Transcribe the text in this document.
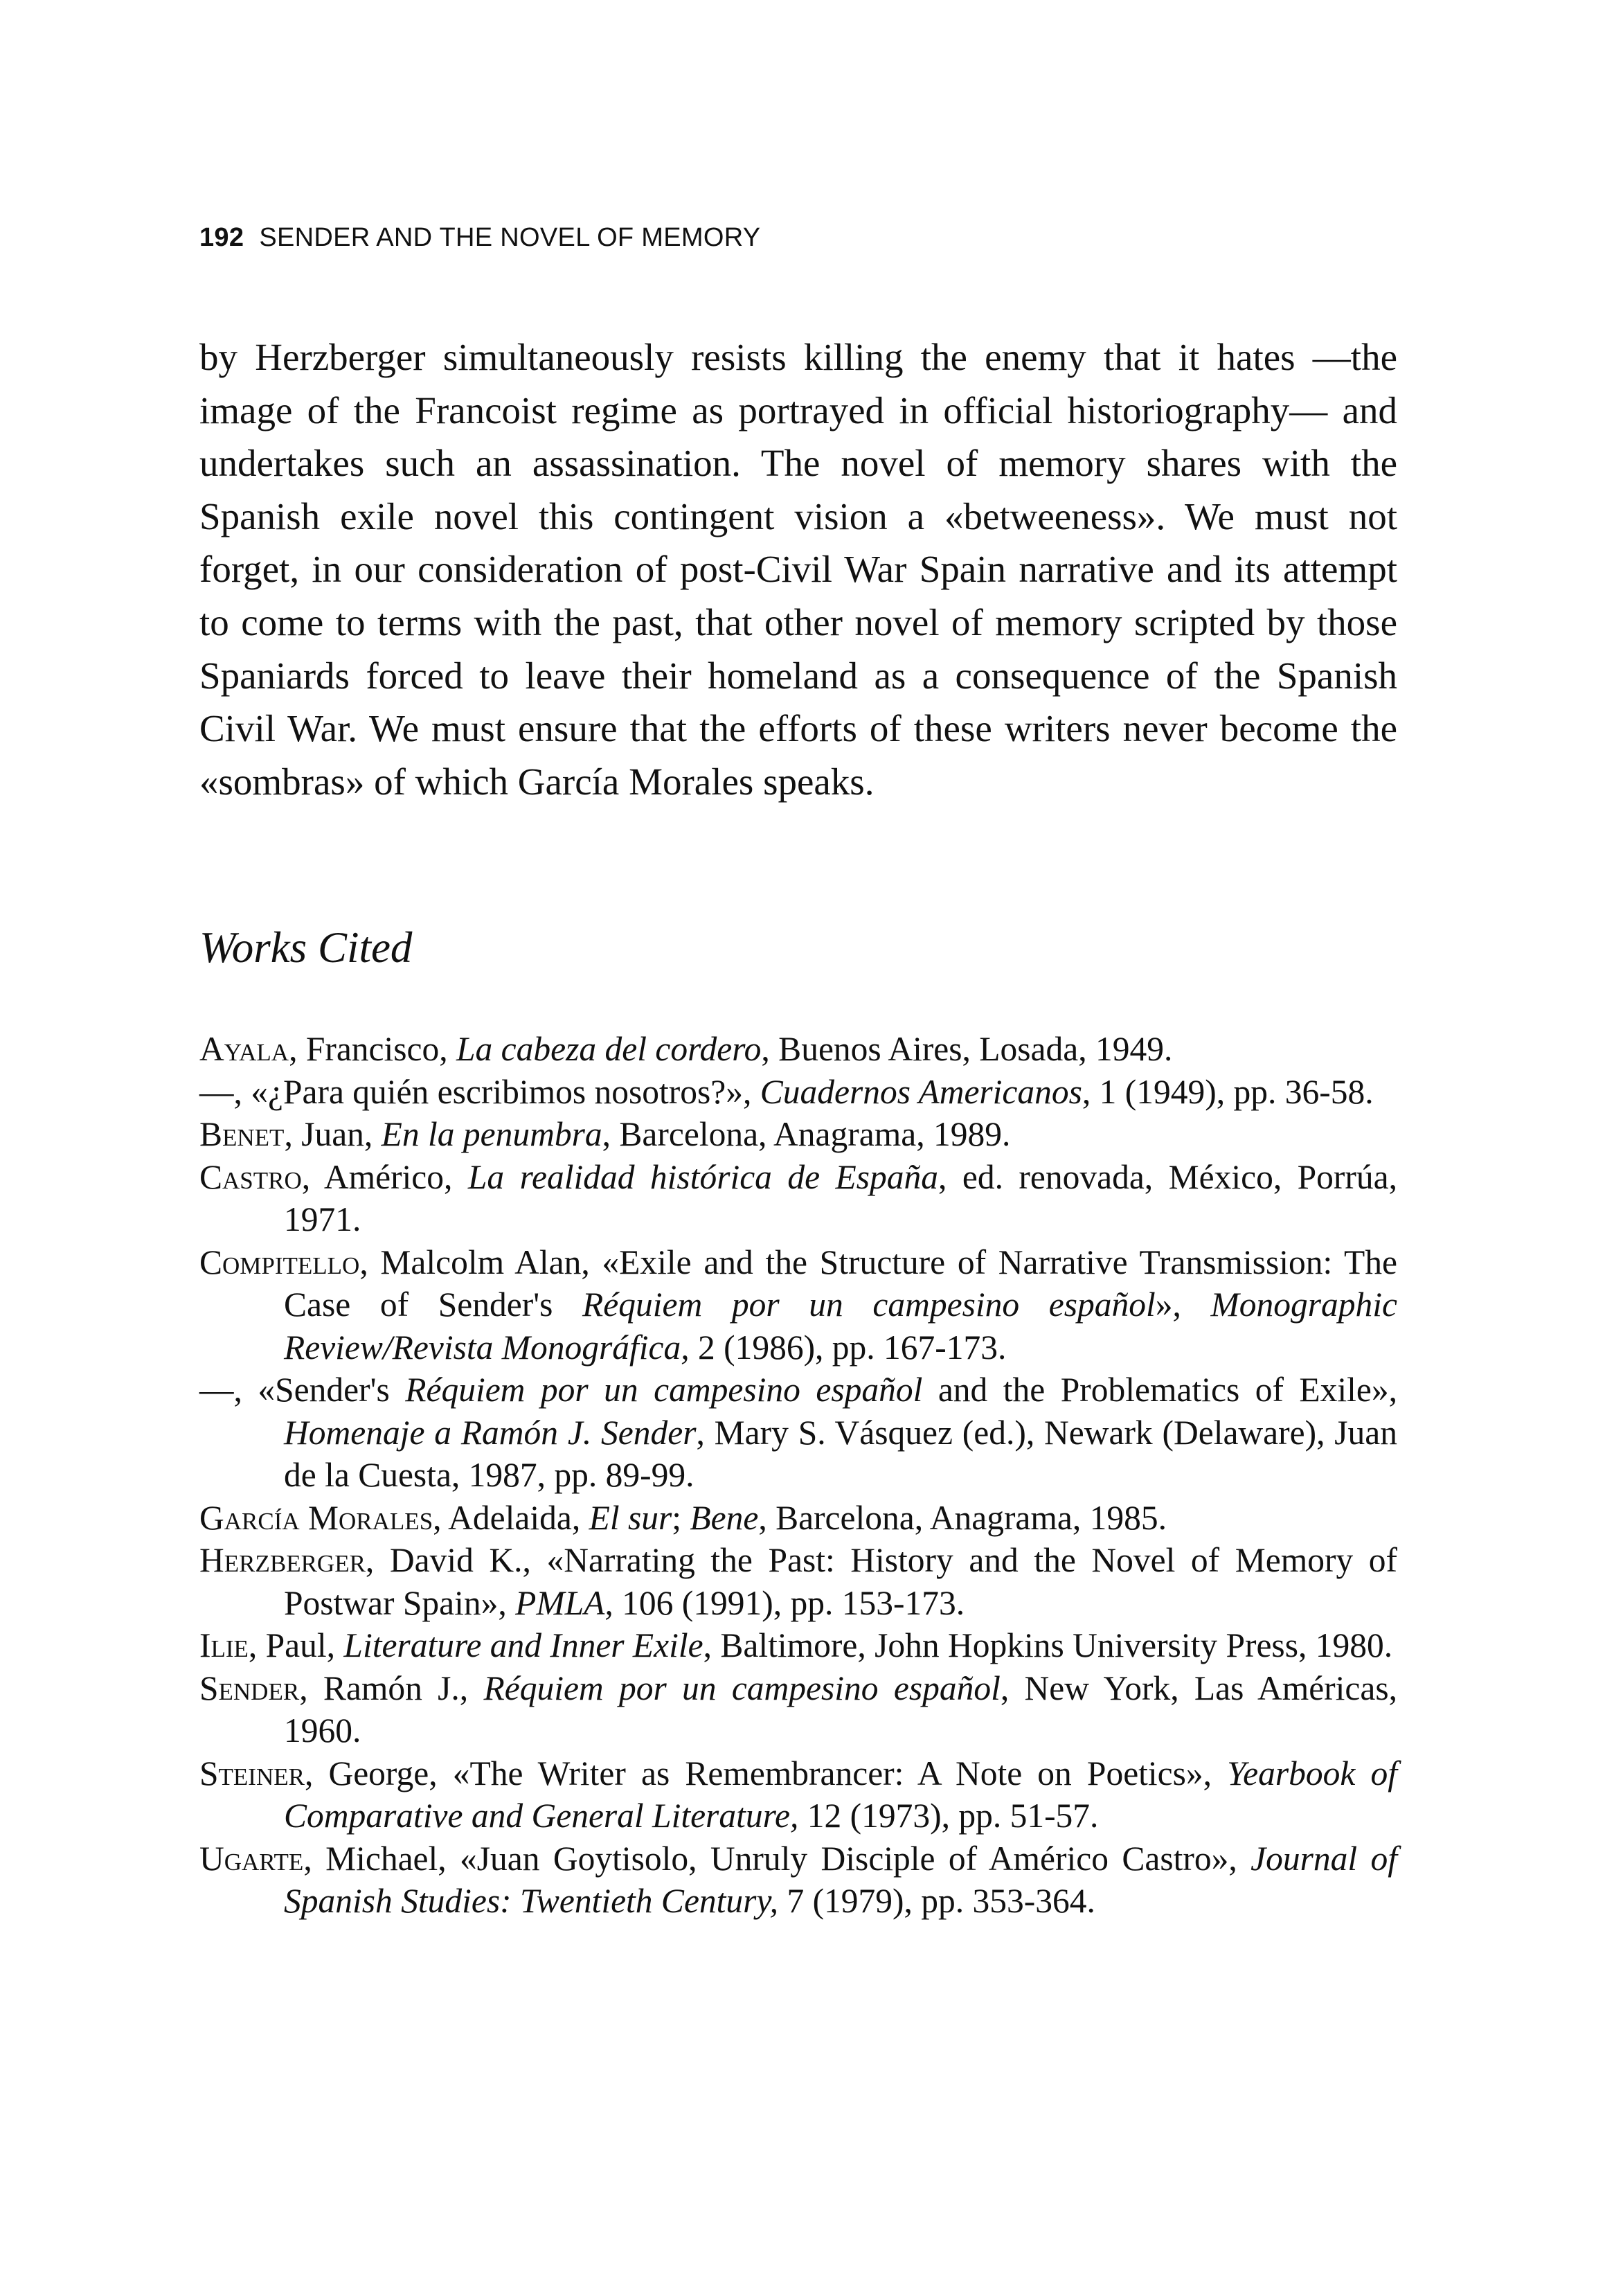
192 SENDER AND THE NOVEL OF MEMORY

by Herzberger simultaneously resists killing the enemy that it hates —the image of the Francoist regime as portrayed in official historiography— and undertakes such an assassination. The novel of memory shares with the Spanish exile novel this contingent vision a «betweeness». We must not forget, in our consideration of post-Civil War Spain narrative and its attempt to come to terms with the past, that other novel of memory scripted by those Spaniards forced to leave their homeland as a consequence of the Spanish Civil War. We must ensure that the efforts of these writers never become the «sombras» of which García Morales speaks.

Works Cited
Ayala, Francisco, La cabeza del cordero, Buenos Aires, Losada, 1949.
—, «¿Para quién escribimos nosotros?», Cuadernos Americanos, 1 (1949), pp. 36-58.
Benet, Juan, En la penumbra, Barcelona, Anagrama, 1989.
Castro, Américo, La realidad histórica de España, ed. renovada, México, Porrúa, 1971.
Compitello, Malcolm Alan, «Exile and the Structure of Narrative Transmission: The Case of Sender's Réquiem por un campesino español», Monographic Review/Revista Monográfica, 2 (1986), pp. 167-173.
—, «Sender's Réquiem por un campesino español and the Problematics of Exile», Homenaje a Ramón J. Sender, Mary S. Vásquez (ed.), Newark (Delaware), Juan de la Cuesta, 1987, pp. 89-99.
García Morales, Adelaida, El sur; Bene, Barcelona, Anagrama, 1985.
Herzberger, David K., «Narrating the Past: History and the Novel of Memory of Postwar Spain», PMLA, 106 (1991), pp. 153-173.
Ilie, Paul, Literature and Inner Exile, Baltimore, John Hopkins University Press, 1980.
Sender, Ramón J., Réquiem por un campesino español, New York, Las Américas, 1960.
Steiner, George, «The Writer as Remembrancer: A Note on Poetics», Yearbook of Comparative and General Literature, 12 (1973), pp. 51-57.
Ugarte, Michael, «Juan Goytisolo, Unruly Disciple of Américo Castro», Journal of Spanish Studies: Twentieth Century, 7 (1979), pp. 353-364.
